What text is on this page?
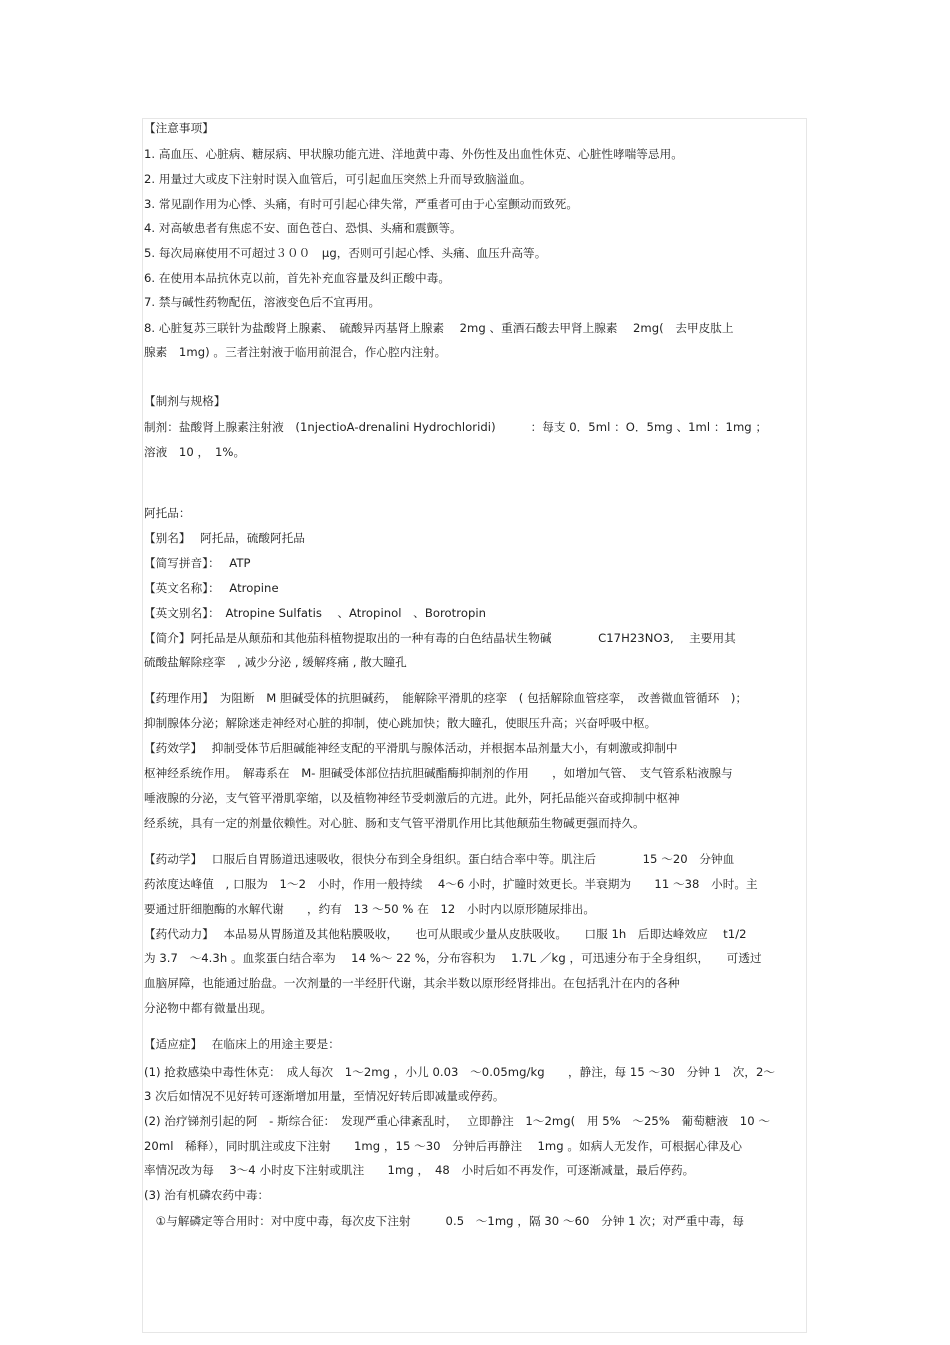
【注意事项】
1. 高血压、心脏病、糖尿病、甲状腺功能亢进、洋地黄中毒、外伤性及出血性休克、心脏性哮喘等忌用。
2. 用量过大或皮下注射时误入血管后，可引起血压突然上升而导致脑溢血。
3. 常见副作用为心悸、头痛，有时可引起心律失常，严重者可由于心室颤动而致死。
4. 对高敏患者有焦虑不安、面色苍白、恐惧、头痛和震颤等。
5. 每次局麻使用不可超过３００　μg，否则可引起心悸、头痛、血压升高等。
6. 在使用本品抗休克以前，首先补充血容量及纠正酸中毒。
7. 禁与碱性药物配伍，溶液变色后不宜再用。
8. 心脏复苏三联针为盐酸肾上腺素、　硫酸异丙基肾上腺素　 2mg 、重酒石酸去甲肾上腺素　 2mg(　去甲皮肽上
腺素　1mg) 。三者注射液于临用前混合，作心腔内注射。
【制剂与规格】
制剂：盐酸肾上腺素注射液　(1njectioA-drenalini Hydrochloridi)　　　：每支 0．5ml ：O．5mg 、1ml ：1mg ；
溶液　10 ，　1%。
阿托品：
【别名】　 阿托品，硫酸阿托品
【简写拼音】：　 ATP
【英文名称】：　 Atropine
【英文别名】：　Atropine Sulfatis　 、Atropinol　、Borotropin
【简介】阿托品是从颠茄和其他茄科植物提取出的一种有毒的白色结晶状生物碱　　　　C17H23NO3,　 主要用其
硫酸盐解除痉挛　, 减少分泌 , 缓解疼痛 , 散大瞳孔
【药理作用】　为阻断　M 胆碱受体的抗胆碱药，　能解除平滑肌的痉挛　( 包括解除血管痉挛，　改善微血管循环　)；
抑制腺体分泌；解除迷走神经对心脏的抑制，使心跳加快；散大瞳孔，使眼压升高；兴奋呼吸中枢。
【药效学】　 抑制受体节后胆碱能神经支配的平滑肌与腺体活动，并根据本品剂量大小，有刺激或抑制中
枢神经系统作用。　解毒系在　M- 胆碱受体部位拮抗胆碱酯酶抑制剂的作用　　，如增加气管、　支气管系粘液腺与
唾液腺的分泌，支气管平滑肌挛缩，以及植物神经节受刺激后的亢进。此外，阿托品能兴奋或抑制中枢神
经系统，具有一定的剂量依赖性。对心脏、肠和支气管平滑肌作用比其他颠茄生物碱更强而持久。
【药动学】　 口服后自胃肠道迅速吸收，很快分布到全身组织。蛋白结合率中等。肌注后　　　　15 ～20　分钟血
药浓度达峰值　, 口服为　1～2　小时，作用一般持续　 4～6 小时，扩瞳时效更长。半衰期为　　11 ～38　小时。主
要通过肝细胞酶的水解代谢　　，约有　13 ～50 % 在　12　小时内以原形随尿排出。
【药代动力】　 本品易从胃肠道及其他粘膜吸收，　　也可从眼或少量从皮肤吸收。　　口服 1h　后即达峰效应　 t1/2
为 3.7　～4.3h 。血浆蛋白结合率为　 14 %～ 22 %，分布容积为　 1.7L ／kg ，可迅速分布于全身组织，　　可透过
血脑屏障，也能通过胎盘。一次剂量的一半经肝代谢，其余半数以原形经肾排出。在包括乳汁在内的各种
分泌物中都有微量出现。
【适应症】　 在临床上的用途主要是：
(1) 抢救感染中毒性休克：　成人每次　1～2mg ，小儿 0.03　～0.05mg/kg　　，静注，每 15 ～30　分钟 1　次，2～
3 次后如情况不见好转可逐渐增加用量，至情况好转后即减量或停药。
(2) 治疗锑剂引起的阿　- 斯综合征：　发现严重心律紊乱时，　 立即静注　1～2mg(　用 5%　～25%　葡萄糖液　10 ～
20ml　稀释），同时肌注或皮下注射　　1mg ，15 ～30　分钟后再静注　 1mg 。如病人无发作，可根据心律及心
率情况改为每　 3～4 小时皮下注射或肌注　　1mg ，　48　小时后如不再发作，可逐渐减量，最后停药。
(3) 治有机磷农药中毒：
　①与解磷定等合用时：对中度中毒，每次皮下注射　　　0.5　～1mg ，隔 30 ～60　分钟 1 次；对严重中毒，每
